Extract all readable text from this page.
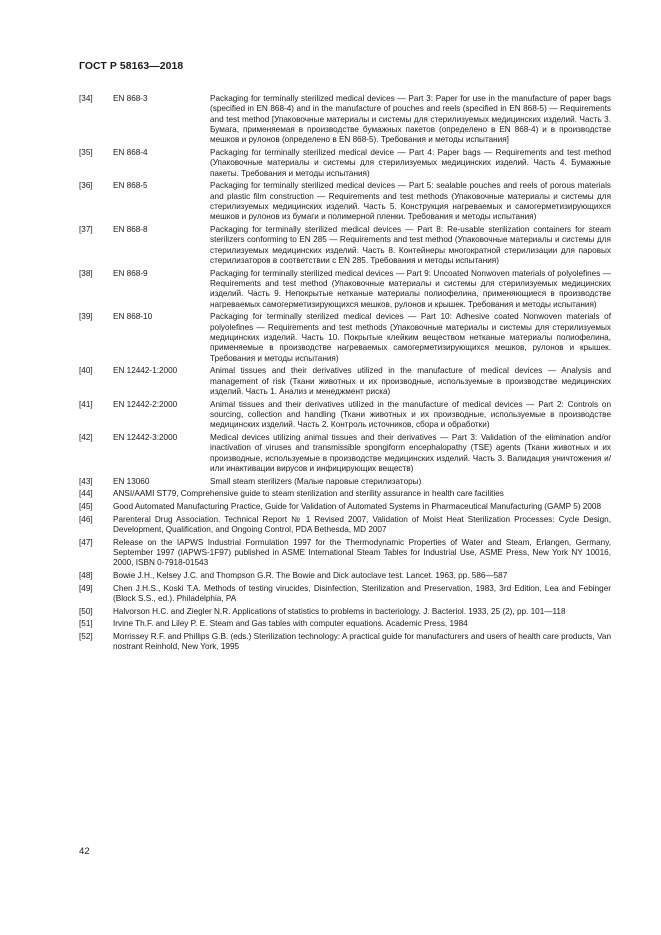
ГОСТ Р 58163—2018
[34] EN 868-3	Packaging for terminally sterilized medical devices — Part 3: Paper for use in the manufacture of paper bags (specified in EN 868-4) and in the manufacture of pouches and reels (specified in EN 868-5) — Requirements and test method [Упаковочные материалы и системы для стерилизуемых медицинских изделий. Часть 3. Бумага, применяемая в производстве бумажных пакетов (определено в EN 868-4) и в производстве мешков и рулонов (определено в EN 868-5). Требования и методы испытания]
[35] EN 868-4	Packaging for terminally sterilized medical device — Part 4: Paper bags — Requirements and test method (Упаковочные материалы и системы для стерилизуемых медицинских изделий. Часть 4. Бумажные пакеты. Требования и методы испытания)
[36] EN 868-5	Packaging for terminally sterilized medical devices — Part 5: sealable pouches and reels of porous materials and plastic film construction — Requirements and test methods (Упаковочные материалы и системы для стерилизуемых медицинских изделий. Часть 5. Конструкция нагреваемых и самогерметизирующихся мешков и рулонов из бумаги и полимерной пленки. Требования и методы испытания)
[37] EN 868-8	Packaging for terminally sterilized medical devices — Part 8: Re-usable sterilization containers for steam sterilizers conforming to EN 285 — Requirements and test method (Упаковочные материалы и системы для стерилизуемых медицинских изделий. Часть 8. Контейнеры многократной стерилизации для паровых стерилизаторов в соответствии с EN 285. Требования и методы испытания)
[38] EN 868-9	Packaging for terminally sterilized medical devices — Part 9: Uncoated Nonwoven materials of polyolefines — Requirements and test method (Упаковочные материалы и системы для стерилизуемых медицинских изделий. Часть 9. Непокрытые нетканые материалы полиофелина, применяющиеся в производстве нагреваемых самогерметизирующихся мешков, рулонов и крышек. Требования и методы испытания)
[39] EN 868-10	Packaging for terminally sterilized medical devices — Part 10: Adhesive coated Nonwoven materials of polyolefines — Requirements and test methods (Упаковочные материалы и системы для стерилизуемых медицинских изделий. Часть 10. Покрытые клейким веществом нетканые материалы полиофелина, применяемые в производстве нагреваемых самогерметизирующихся мешков, рулонов и крышек. Требования и методы испытания)
[40] EN 12442-1:2000	Animal tissues and their derivatives utilized in the manufacture of medical devices — Analysis and management of risk (Ткани животных и их производные, используемые в производстве медицинских изделий. Часть 1. Анализ и менеджмент риска)
[41] EN 12442-2:2000	Animal tissues and their derivatives utilized in the manufacture of medical devices — Part 2: Controls on sourcing, collection and handling (Ткани животных и их производные, используемые в производстве медицинских изделий. Часть 2. Контроль источников, сбора и обработки)
[42] EN 12442-3:2000	Medical devices utilizing animal tissues and their derivatives — Part 3: Validation of the elimination and/or inactivation of viruses and transmissible spongiform encephalopathy (TSE) agents (Ткани животных и их производные, используемые в производстве медицинских изделий. Часть 3. Валидация уничтожения и/или инактивации вирусов и инфицирующих веществ)
[43] EN 13060	Small steam sterilizers (Малые паровые стерилизаторы)
[44] ANSI/AAMI ST79, Comprehensive guide to steam sterilization and sterility assurance in health care facilities
[45] Good Automated Manufacturing Practice, Guide for Validation of Automated Systems in Pharmaceutical Manufacturing (GAMP 5) 2008
[46] Parenteral Drug Association. Technical Report № 1 Revised 2007, Validation of Moist Heat Sterilization Processes: Cycle Design, Development, Qualification, and Ongoing Control, PDA Bethesda, MD 2007
[47] Release on the IAPWS Industrial Formulation 1997 for the Thermodynamic Properties of Water and Steam, Erlangen, Germany, September 1997 (IAPWS-1F97) published in ASME International Steam Tables for Industrial Use, ASME Press, New York NY 10016, 2000, ISBN 0-7918-01543
[48] Bowie J.H., Kelsey J.C. and Thompson G.R. The Bowie and Dick autoclave test. Lancet. 1963, pp. 586—587
[49] Chen J.H.S., Koski T.A. Methods of testing virucides, Disinfection, Sterilization and Preservation, 1983, 3rd Edition, Lea and Febinger (Block S.S., ed.). Philadelphia, PA
[50] Halvorson H.C. and Ziegler N.R. Applications of statistics to problems in bacteriology. J. Bacteriol. 1933, 25 (2), pp. 101—118
[51] Irvine Th.F. and Liley P. E. Steam and Gas tables with computer equations. Academic Press, 1984
[52] Morrissey R.F. and Phillips G.B. (eds.) Sterilization technology: A practical guide for manufacturers and users of health care products, Van nostrant Reinhold, New York, 1995
42
